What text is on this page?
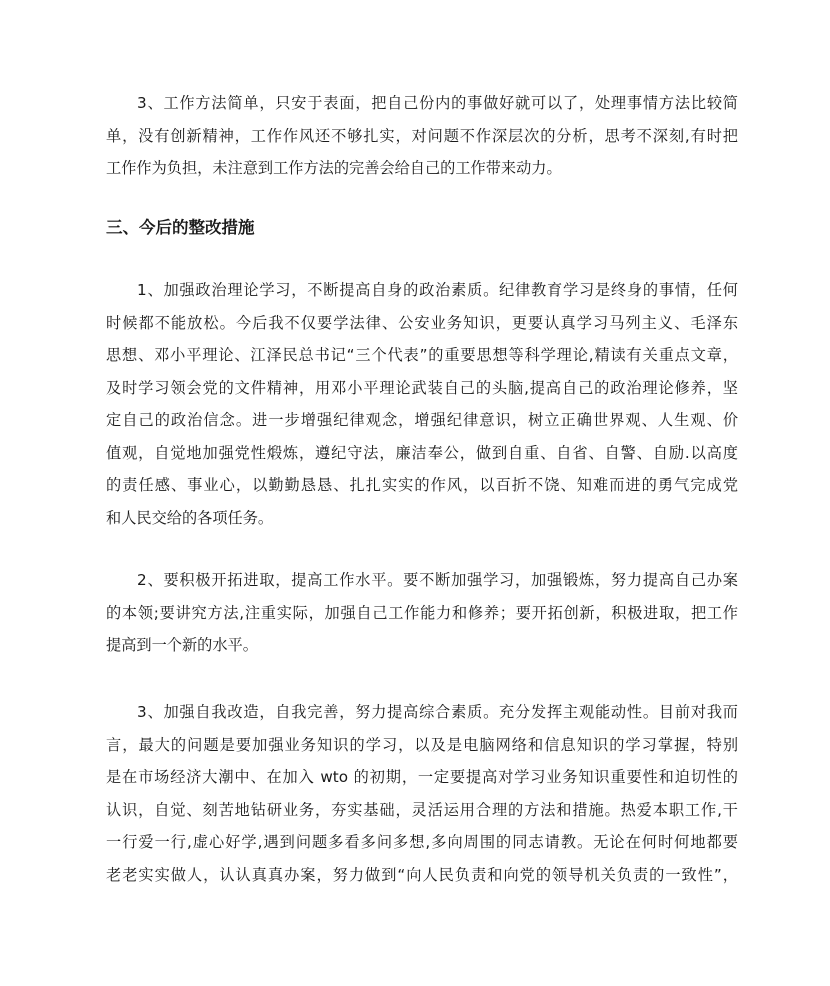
3、工作方法简单，只安于表面，把自己份内的事做好就可以了，处理事情方法比较简
单，没有创新精神，工作作风还不够扎实，对问题不作深层次的分析，思考不深刻,有时把
工作作为负担，未注意到工作方法的完善会给自己的工作带来动力。
三、今后的整改措施
1、加强政治理论学习，不断提高自身的政治素质。纪律教育学习是终身的事情，任何
时候都不能放松。今后我不仅要学法律、公安业务知识，更要认真学习马列主义、毛泽东
思想、邓小平理论、江泽民总书记“三个代表”的重要思想等科学理论,精读有关重点文章，
及时学习领会党的文件精神，用邓小平理论武装自己的头脑,提高自己的政治理论修养，坚
定自己的政治信念。进一步增强纪律观念，增强纪律意识，树立正确世界观、人生观、价
值观，自觉地加强党性煅炼，遵纪守法，廉洁奉公，做到自重、自省、自警、自励.以高度
的责任感、事业心，以勤勤恳恳、扎扎实实的作风，以百折不饶、知难而进的勇气完成党
和人民交给的各项任务。
2、要积极开拓进取，提高工作水平。要不断加强学习，加强锻炼，努力提高自己办案
的本领;要讲究方法,注重实际，加强自己工作能力和修养；要开拓创新，积极进取，把工作
提高到一个新的水平。
3、加强自我改造，自我完善，努力提高综合素质。充分发挥主观能动性。目前对我而
言，最大的问题是要加强业务知识的学习，以及是电脑网络和信息知识的学习掌握，特别
是在市场经济大潮中、在加入 wto 的初期，一定要提高对学习业务知识重要性和迫切性的
认识，自觉、刻苦地钻研业务，夯实基础，灵活运用合理的方法和措施。热爱本职工作,干
一行爱一行,虚心好学,遇到问题多看多问多想,多向周围的同志请教。无论在何时何地都要
老老实实做人，认认真真办案，努力做到“向人民负责和向党的领导机关负责的一致性”，
